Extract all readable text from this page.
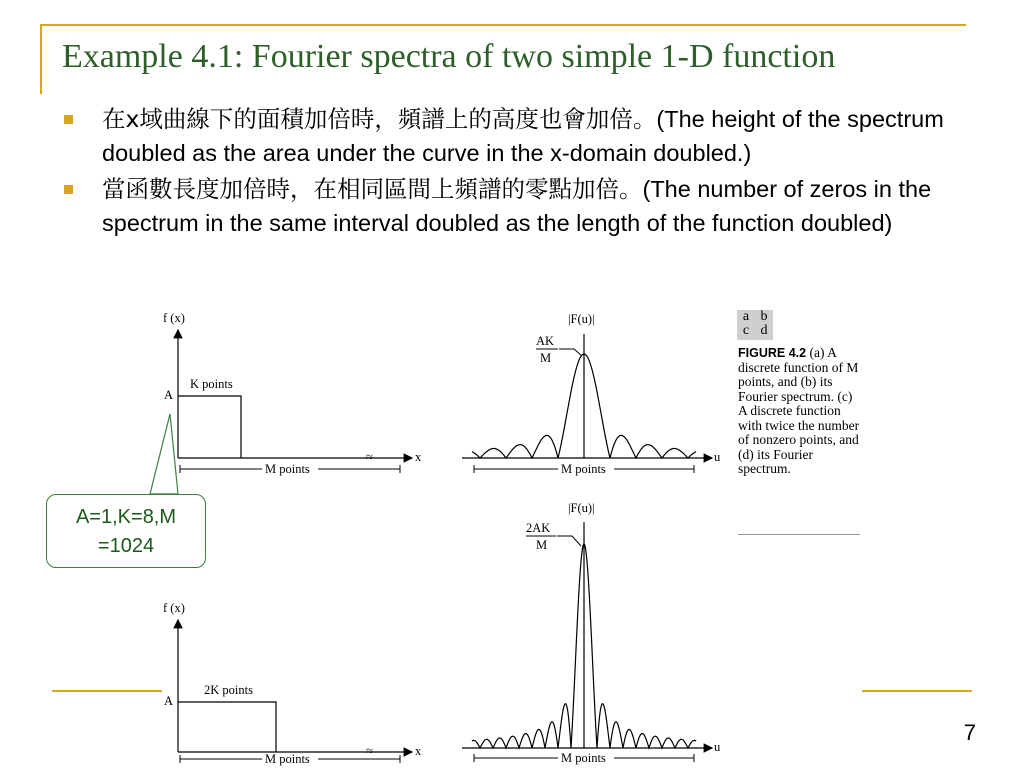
Example 4.1: Fourier spectra of two simple 1-D function
在x域曲線下的面積加倍時，頻譜上的高度也會加倍。(The height of the spectrum doubled as the area under the curve in the x-domain doubled.)
當函數長度加倍時，在相同區間上頻譜的零點加倍。(The number of zeros in the spectrum in the same interval doubled as the length of the function doubled)
f (x)
A
K points
M points
x
≈
|F(u)|
AK
M
M points
u
f (x)
A
2K points
M points
x
≈
|F(u)|
2AK
M
M points
u
a b
c d
FIGURE 4.2 (a) A discrete function of M points, and (b) its Fourier spectrum. (c) A discrete function with twice the number of nonzero points, and (d) its Fourier spectrum.
A=1,K=8,M
=1024
7
